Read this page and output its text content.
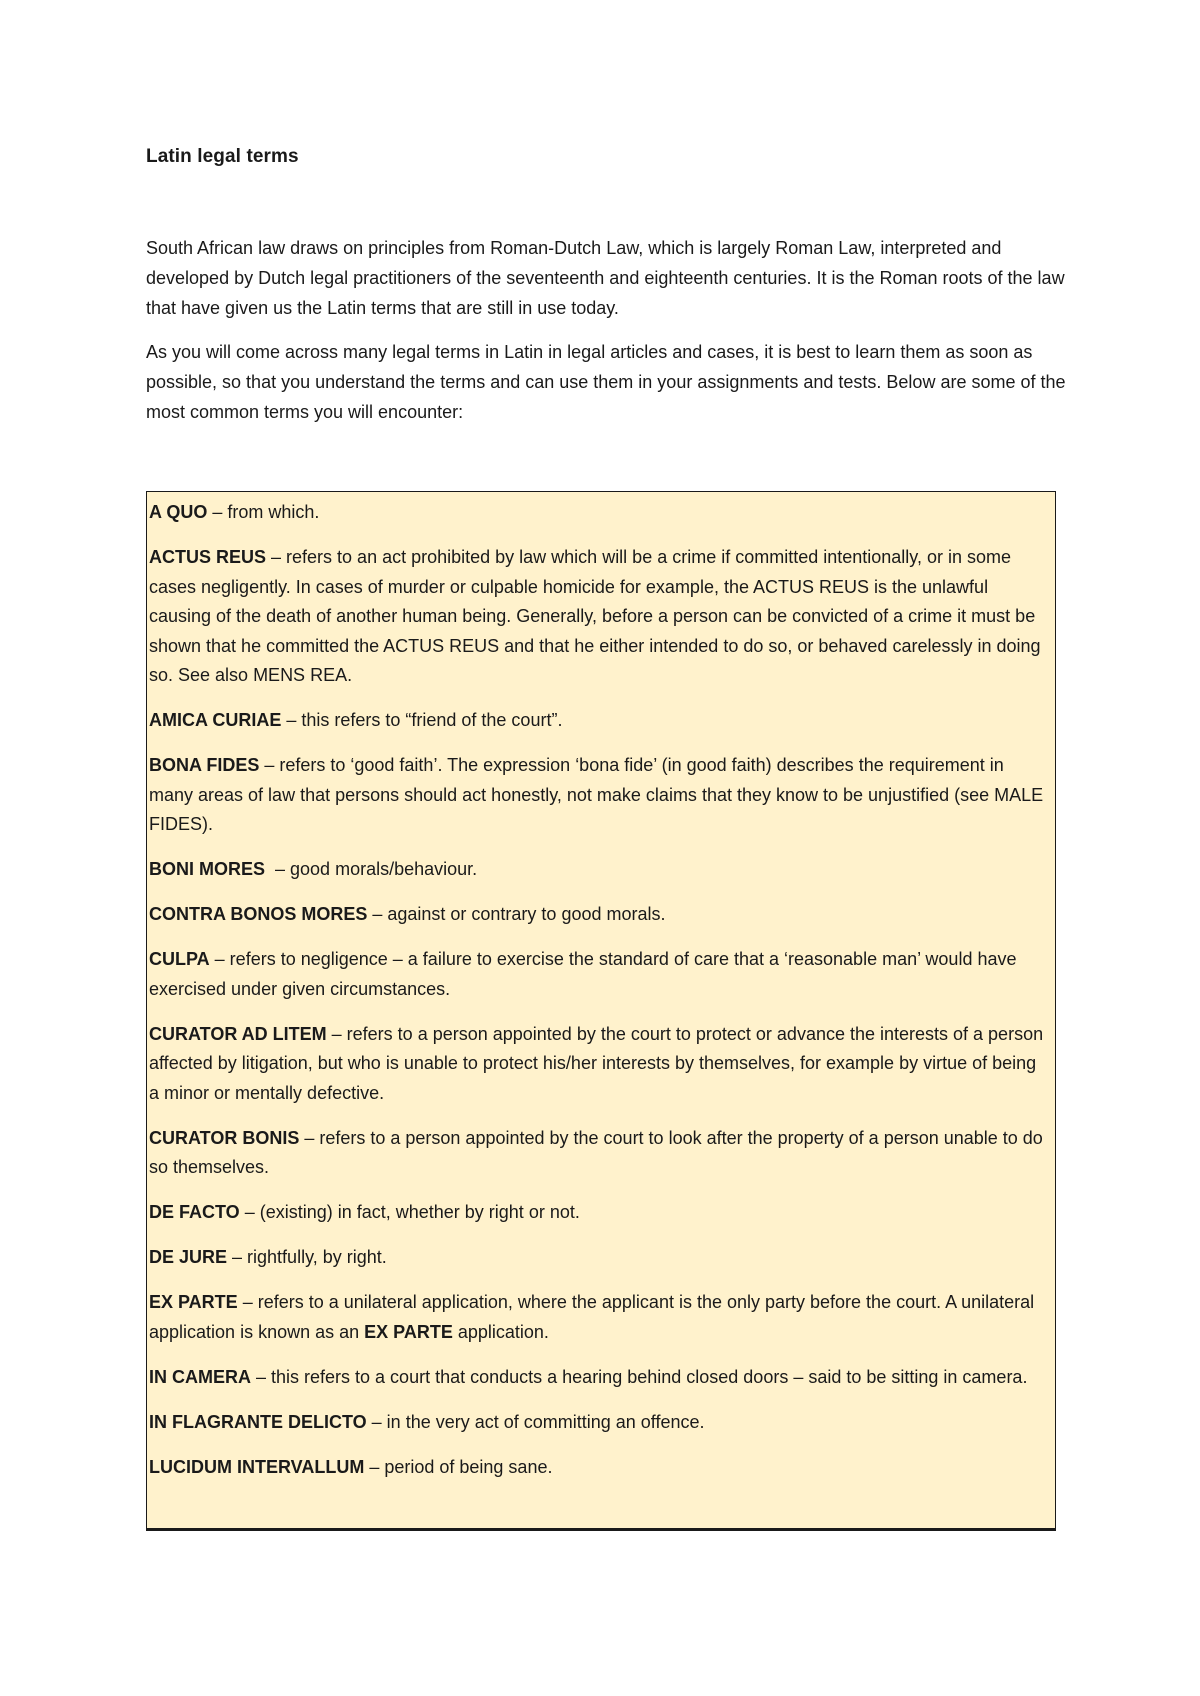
Latin legal terms

South African law draws on principles from Roman-Dutch Law, which is largely Roman Law, interpreted and developed by Dutch legal practitioners of the seventeenth and eighteenth centuries. It is the Roman roots of the law that have given us the Latin terms that are still in use today.

As you will come across many legal terms in Latin in legal articles and cases, it is best to learn them as soon as possible, so that you understand the terms and can use them in your assignments and tests. Below are some of the most common terms you will encounter:

A QUO – from which.
ACTUS REUS – refers to an act prohibited by law which will be a crime if committed intentionally, or in some cases negligently. In cases of murder or culpable homicide for example, the ACTUS REUS is the unlawful causing of the death of another human being. Generally, before a person can be convicted of a crime it must be shown that he committed the ACTUS REUS and that he either intended to do so, or behaved carelessly in doing so. See also MENS REA.
AMICA CURIAE – this refers to “friend of the court”.
BONA FIDES – refers to ‘good faith’. The expression ‘bona fide’ (in good faith) describes the requirement in many areas of law that persons should act honestly, not make claims that they know to be unjustified (see MALE FIDES).
BONI MORES  – good morals/behaviour.
CONTRA BONOS MORES – against or contrary to good morals.
CULPA – refers to negligence – a failure to exercise the standard of care that a ‘reasonable man’ would have exercised under given circumstances.
CURATOR AD LITEM – refers to a person appointed by the court to protect or advance the interests of a person affected by litigation, but who is unable to protect his/her interests by themselves, for example by virtue of being a minor or mentally defective.
CURATOR BONIS – refers to a person appointed by the court to look after the property of a person unable to do so themselves.
DE FACTO – (existing) in fact, whether by right or not.
DE JURE – rightfully, by right.
EX PARTE – refers to a unilateral application, where the applicant is the only party before the court. A unilateral application is known as an EX PARTE application.
IN CAMERA – this refers to a court that conducts a hearing behind closed doors – said to be sitting in camera.
IN FLAGRANTE DELICTO – in the very act of committing an offence.
LUCIDUM INTERVALLUM – period of being sane.
